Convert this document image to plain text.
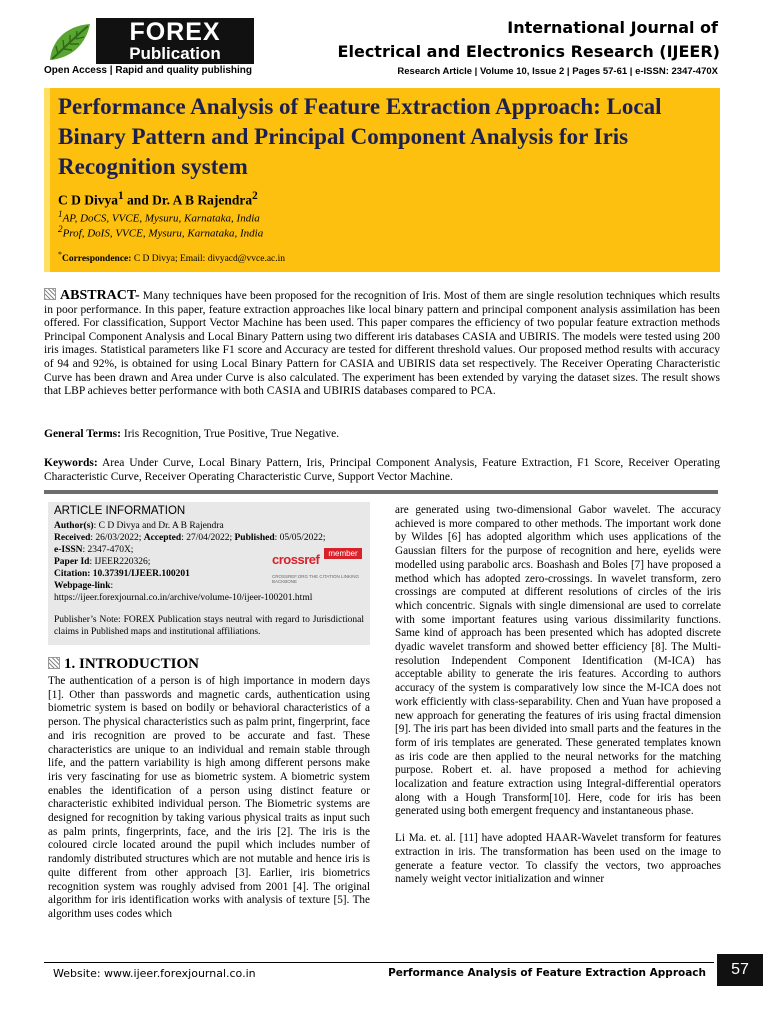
FOREX
Publication
Open Access | Rapid and quality publishing
International Journal of
Electrical and Electronics Research (IJEER)
Research Article | Volume 10, Issue 2 | Pages 57-61 | e-ISSN: 2347-470X
Performance Analysis of Feature Extraction Approach: Local Binary Pattern and Principal Component Analysis for Iris Recognition system
C D Divya$^1$ and Dr. A B Rajendra$^2$
$^1$AP, DoCS, VVCE, Mysuru, Karnataka, India
$^2$Prof, DoIS, VVCE, Mysuru, Karnataka, India
*Correspondence: C D Divya; Email: divyacd@vvce.ac.in
ABSTRACT- Many techniques have been proposed for the recognition of Iris. Most of them are single resolution techniques which results in poor performance. In this paper, feature extraction approaches like local binary pattern and principal component analysis assimilation has been offered. For classification, Support Vector Machine has been used. This paper compares the efficiency of two popular feature extraction methods Principal Component Analysis and Local Binary Pattern using two different iris databases CASIA and UBIRIS. The models were tested using 200 iris images. Statistical parameters like F1 score and Accuracy are tested for different threshold values. Our proposed method results with accuracy of 94 and 92%, is obtained for using Local Binary Pattern for CASIA and UBIRIS data set respectively. The Receiver Operating Characteristic Curve has been drawn and Area under Curve is also calculated. The experiment has been extended by varying the dataset sizes. The result shows that LBP achieves better performance with both CASIA and UBIRIS databases compared to PCA.
General Terms: Iris Recognition, True Positive, True Negative.
Keywords: Area Under Curve, Local Binary Pattern, Iris, Principal Component Analysis, Feature Extraction, F1 Score, Receiver Operating Characteristic Curve, Receiver Operating Characteristic Curve, Support Vector Machine.
ARTICLE INFORMATION
Author(s): C D Divya and Dr. A B Rajendra
Received: 26/03/2022; Accepted: 27/04/2022; Published: 05/05/2022;
e-ISSN: 2347-470X;
Paper Id: IJEER220326;
Citation: 10.37391/IJEER.100201
Webpage-link:
https://ijeer.forexjournal.co.in/archive/volume-10/ijeer-100201.html
Publisher’s Note: FOREX Publication stays neutral with regard to Jurisdictional claims in Published maps and institutional affiliations.
crossref	member
CROSSREF.ORG THE CITATION LINKING BACKBONE
1. INTRODUCTION
The authentication of a person is of high importance in modern days [1]. Other than passwords and magnetic cards, authentication using biometric system is based on bodily or behavioral characteristics of a person. The physical characteristics such as palm print, fingerprint, face and iris recognition are proved to be accurate and fast. These characteristics are unique to an individual and remain stable through life, and the pattern variability is high among different persons make iris very fascinating for use as biometric system. A biometric system enables the identification of a person using distinct feature or characteristic exhibited individual person. The Biometric systems are designed for recognition by taking various physical traits as input such as palm prints, fingerprints, face, and the iris [2]. The iris is the coloured circle located around the pupil which includes number of randomly distributed structures which are not mutable and hence iris is quite different from other approach [3]. Earlier, iris biometrics recognition system was roughly advised from 2001 [4]. The original algorithm for iris identification works with analysis of texture [5]. The algorithm uses codes which

are generated using two-dimensional Gabor wavelet. The accuracy achieved is more compared to other methods. The important work done by Wildes [6] has adopted algorithm which uses applications of the Gaussian filters for the purpose of recognition and here, eyelids were modelled using parabolic arcs. Boashash and Boles [7] have proposed a method which has adopted zero-crossings. In wavelet transform, zero crossings are computed at different resolutions of circles of the iris which concentric. Signals with single dimensional are used to correlate with some important features using various dissimilarity functions. Same kind of approach has been presented which has adopted discrete dyadic wavelet transform and showed better efficiency [8]. The Multi-resolution Independent Component Identification (M-ICA) has acceptable ability to generate the iris features. According to authors accuracy of the system is comparatively low since the M-ICA does not work efficiently with class-separability. Chen and Yuan have proposed a new approach for generating the features of iris using fractal dimension [9]. The iris part has been divided into small parts and the features in the form of iris templates are generated. These generated templates known as iris code are then applied to the neural networks for the matching purpose. Robert et. al. have proposed a method for achieving localization and feature extraction using Integral-differential operators along with a Hough Transform[10]. Here, code for iris has been generated using both emergent frequency and instantaneous phase.

Li Ma. et. al. [11] have adopted HAAR-Wavelet transform for features extraction in iris. The transformation has been used on the image to generate a feature vector. To classify the vectors, two approaches namely weight vector initialization and winner

Website: www.ijeer.forexjournal.co.in	Performance Analysis of Feature Extraction Approach	57
